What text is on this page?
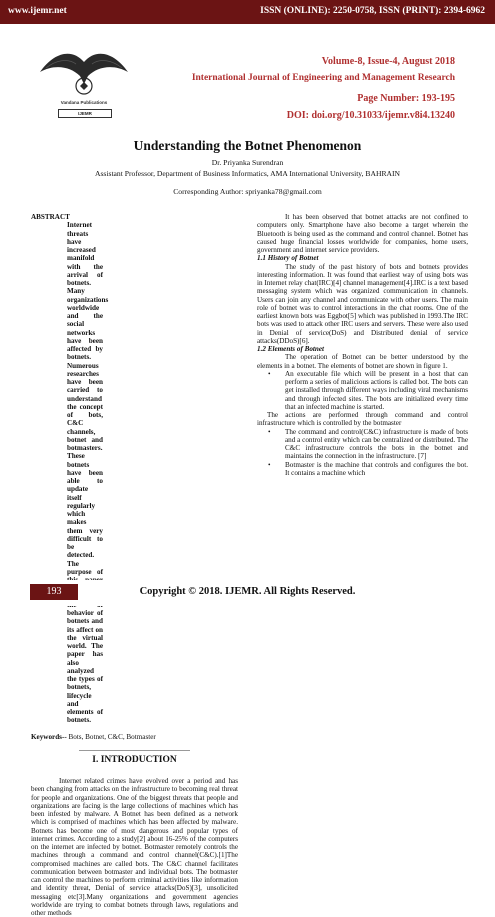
www.ijemr.net	ISSN (ONLINE): 2250-0758, ISSN (PRINT): 2394-6962
Vandana Publications
IJEMR
Volume-8, Issue-4, August 2018
International Journal of Engineering and Management Research
Page Number: 193-195
DOI: doi.org/10.31033/ijemr.v8i4.13240
Understanding the Botnet Phenomenon
Dr. Priyanka Surendran
Assistant Professor, Department of Business Informatics, AMA International University, BAHRAIN
Corresponding Author: spriyanka78@gmail.com
ABSTRACT

Internet threats have increased manifold with the arrival of botnets. Many organizations worldwide and the social networks have been affected by botnets. Numerous researches have been carried to understand the concept of bots, C&C channels, botnet and botmasters. These botnets have been able to update itself regularly which makes them very difficult to be detected. The purpose of behavior of botnets and its affect on the virtual world. The paper has also analyzed the types of botnets, lifecycle and elements of botnets.

Keywords-- Bots, Botnet, C&C, Botmaster

I. INTRODUCTION

Internet related crimes have evolved over a period and has been changing from attacks on the infrastructure to becoming real threat for people and organizations. One of the biggest threats that people and organizations are facing is the large collections of machines which has been infested by malware. A Botnet has been defined as a network which is comprised of machines which has been affected by malware. Botnets has become one of most dangerous and popular types of internet crimes. According to a study[2] about 16-25% of the computers on the internet are infected by botnet. Botmaster remotely controls the machines through a command and control channel(C&C).[1]The compromised machines are called bots. The C&C channel facilitates communication between botmaster and individual bots. The botmaster can control the machines to perform criminal activities like information and identity threat, Denial of service attacks(DoS)[3], unsolicited messaging etc[3].Many organizations and government agencies worldwide are trying to combat botnets through laws, regulations and other methods

It has been observed that botnet attacks are not confined to computers only. Smartphone have also become a target wherein the Bluetooth is being used as the command and control channel. Botnet has caused huge financial losses worldwide for companies, home users, government and internet service providers.

1.1 History of Botnet

The study of the past history of bots and botnets provides interesting information. It was found that earliest way of using bots was in Internet relay chat(IRC)[4] channel management[4].IRC is a text based messaging system which was organized communication in channels. Users can join any channel and communicate with other users. The main role of botnet was to control interactions in the chat rooms. One of the earliest known bots was Eggbot[5] which was published in 1993.The IRC bots was used to attack other IRC users and servers. These were also used in Denial of service(DoS) and Distributed denial of service attacks(DDoS)[6].

1.2 Elements of Botnet

The operation of Botnet can be better understood by the elements in a botnet. The elements of botnet are shown in figure 1.

• An executable file which will be present in a host that can perform a series of malicious actions is called bot. The bots can get installed through different ways including viral mechanisms and through infected sites. The bots are initialized every time that an infected machine is started.

The actions are performed through command and control infrastructure which is controlled by the botmaster

• The command and control(C&C) infrastructure is made of bots and a control entity which can be centralized or distributed. The C&C infrastructure controls the bots in the botnet and maintains the connection in the infrastructure. [7]
• Botmaster is the machine that controls and configures the bot. It contains a machine which
193	Copyright © 2018. IJEMR. All Rights Reserved.
